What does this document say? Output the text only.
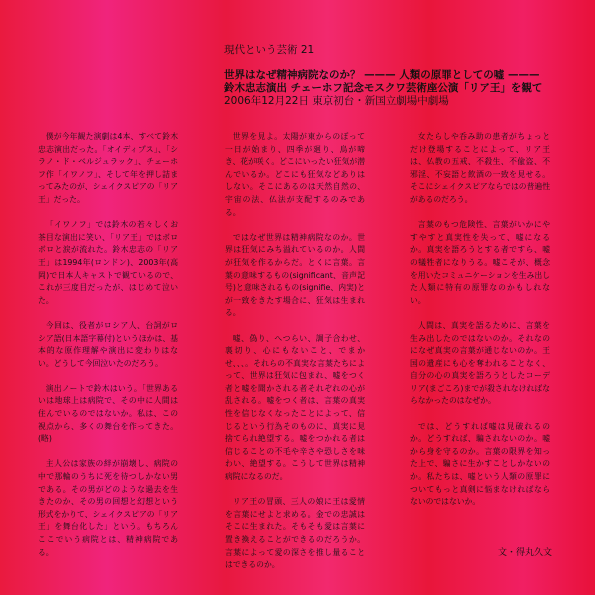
現代という芸術 21
世界はなぜ精神病院なのか？ ——— 人類の原罪としての嘘 ———
鈴木忠志演出 チェーホフ記念モスクワ芸術座公演「リア王」を観て
2006年12月22日 東京初台・新国立劇場中劇場

僕が今年観た演劇は4本、すべて鈴木忠志演出だった。「オイディプス」、「シラノ・ド・ベルジュラック」、チェーホフ作「イワノフ」、そして年を押し詰まってみたのが、シェイクスピアの「リア王」だった。

「イワノフ」では鈴木の若々しくお茶目な演出に笑い、「リア王」ではボロボロと涙が流れた。鈴木忠志の「リア王」は1994年(ロンドン)、2003年(高岡)で日本人キャストで観ているので、これが三度目だったが、はじめて泣いた。

今回は、役者がロシア人、台詞がロシア語(日本語字幕付)というほかは、基本的な原作理解や演出に変わりはない。どうして今回泣いたのだろう。

演出ノートで鈴木はいう。「世界あるいは地球上は病院で、その中に人間は住んでいるのではないか。私は、この視点から、多くの舞台を作ってきた。(略)

主人公は家族の絆が崩壊し、病院の中で那輪のうちに死を待つしかない男である。その男がどのような過去を生きたのか、その男の回想と幻想という形式をかりて、シェイクスピアの「リア王」を舞台化した」という。もちろんここでいう病院とは、精神病院である。

世界を見よ。太陽が東からのぼって一日が始まり、四季が廻り、鳥が啼き、花が咲く。どこにいったい狂気が潜んでいるか。どこにも狂気などありはしない。そこにあるのは天然自然の、宇宙の法、仏法が支配するのみである。

ではなぜ世界は精神病院なのか。世界は狂気にみち溢れているのか。人間が狂気を作るからだ。とくに言葉。言葉の意味するもの(significant、音声記号)と意味されるもの(signifie、内実)とが一致をきたす場合に、狂気は生まれる。

嘘、偽り、へつらい、調子合わせ、裏切り、心にもないこと、でまかせ、、、。それらの不真実な言葉たちによって、世界は狂気に包まれ、嘘をつく者と嘘を聞かされる者それぞれの心が乱される。嘘をつく者は、言葉の真実性を信じなくなったことによって、信じるという行為そのものに、真実に見捨てられ絶望する。嘘をつかれる者は信じることの不毛や辛さや恐しさを味わい、絶望する。こうして世界は精神病院になるのだ。

リア王の冒頭、三人の娘に王は愛情を言葉にせよと求める。金での忠誠はそこに生まれた。そもそも愛は言葉に置き換えることができるのだろうか。言葉によって愛の深さを推し量ることはできるのか。

女たらしや呑み助の患者がちょっとだけ登場することによって、リア王は、仏教の五戒、不殺生、不偸盗、不邪淫、不妄語と飲酒の一致を見せる。そこにシェイクスピアならではの普遍性があるのだろう。

言葉のもつ危険性、言葉がいかにやすやすと真実性を失って、嘘になるか。真実を語ろうとする者ですら、嘘の犠牲者になりうる。嘘こそが、概念を用いたコミュニケーションを生み出した人類に特有の原罪なのかもしれない。

人間は、真実を語るために、言葉を生み出したのではないのか。それなのになぜ真実の言葉が通じないのか。王国の遺産にも心を奪われることなく、自分の心の真実を語ろうとしたコーデリア(まごころ)までが殺されなければならなかったのはなぜか。

では、どうすれば嘘は見破れるのか。どうすれば、騙されないのか。嘘から身を守るのか。言葉の限界を知った上で、騙さに生かすことしかないのか。私たちは、嘘という人類の原罪についてもっと真剣に悩まなければならないのではないか。

文・得丸久文
